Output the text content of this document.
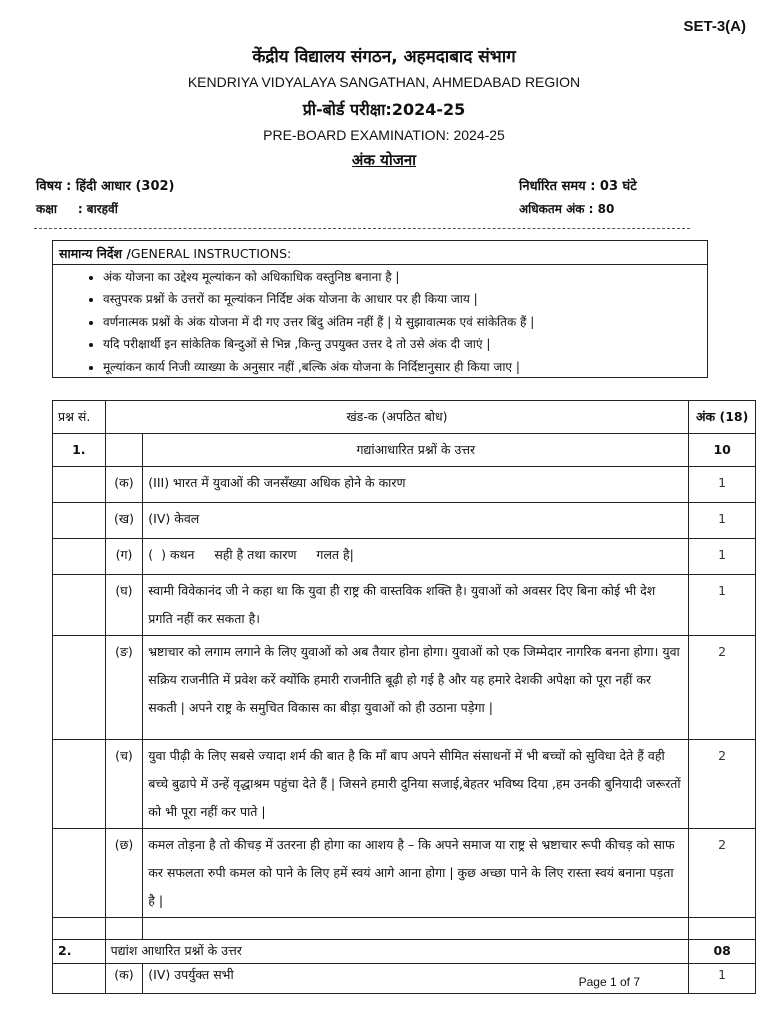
SET-3(A)
केंद्रीय विद्यालय संगठन, अहमदाबाद संभाग
KENDRIYA VIDYALAYA SANGATHAN, AHMEDABAD REGION
प्री-बोर्ड परीक्षा:2024-25
PRE-BOARD EXAMINATION: 2024-25
अंक योजना
विषय : हिंदी आधार (302)	निर्धारित समय : 03 घंटे
कक्षा     : बारहवीं	अधिकतम अंक : 80
सामान्य निर्देश /GENERAL INSTRUCTIONS:
• अंक योजना का उद्देश्य मूल्यांकन को अधिकाधिक वस्तुनिष्ठ बनाना है |
• वस्तुपरक प्रश्नों के उत्तरों का मूल्यांकन निर्दिष्ट अंक योजना के आधार पर ही किया जाय |
• वर्णनात्मक प्रश्नों के अंक योजना में दी गए उत्तर बिंदु अंतिम नहीं हैं | ये सुझावात्मक एवं सांकेतिक हैं |
• यदि परीक्षार्थी इन सांकेतिक बिन्दुओं से भिन्न ,किन्तु उपयुक्त उत्तर दे तो उसे अंक दी जाएं |
• मूल्यांकन कार्य निजी व्याख्या के अनुसार नहीं ,बल्कि अंक योजना के निर्दिष्टानुसार ही किया जाए |
प्रश्न सं.	खंड-क (अपठित बोध)		अंक (18)
1.		गद्यांआधारित प्रश्नों के उत्तर	10
	(क)	(III) भारत में युवाओं की जनसँख्या अधिक होने के कारण	1
	(ख)	(IV) केवल	1
	(ग)	(  ) कथन     सही है तथा कारण     गलत है|	1
	(घ)	स्वामी विवेकानंद जी ने कहा था कि युवा ही राष्ट्र की वास्तविक शक्ति है। युवाओं को अवसर दिए बिना कोई भी देश प्रगति नहीं कर सकता है।	1
	(ङ)	भ्रष्टाचार को लगाम लगाने के लिए युवाओं को अब तैयार होना होगा। युवाओं को एक जिम्मेदार नागरिक बनना होगा। युवा सक्रिय राजनीति में प्रवेश करें क्योंकि हमारी राजनीति बूढ़ी हो गई है और यह हमारे देशकी अपेक्षा को पूरा नहीं कर सकती | अपने राष्ट्र के समुचित विकास का बीड़ा युवाओं को ही उठाना पड़ेगा |	2
	(च)	युवा पीढ़ी के लिए सबसे ज्यादा शर्म की बात है कि माँ बाप अपने सीमित संसाधनों में भी बच्चों को सुविधा देते हैं वही बच्चे बुढापे में उन्हें वृद्धाश्रम पहुंचा देते हैं | जिसने हमारी दुनिया सजाई,बेहतर भविष्य दिया ,हम उनकी बुनियादी जरूरतों को भी पूरा नहीं कर पाते |	2
	(छ)	कमल तोड़ना है तो कीचड़ में उतरना ही होगा का आशय है – कि अपने समाज या राष्ट्र से भ्रष्टाचार रूपी कीचड़ को साफ कर सफलता रुपी कमल को पाने के लिए हमें स्वयं आगे आना होगा | कुछ अच्छा पाने के लिए रास्ता स्वयं बनाना पड़ता है |	2

2.	पद्यांश आधारित प्रश्नों के उत्तर		08
	(क)	(IV) उपर्युक्त सभी	1
Page 1 of 7
